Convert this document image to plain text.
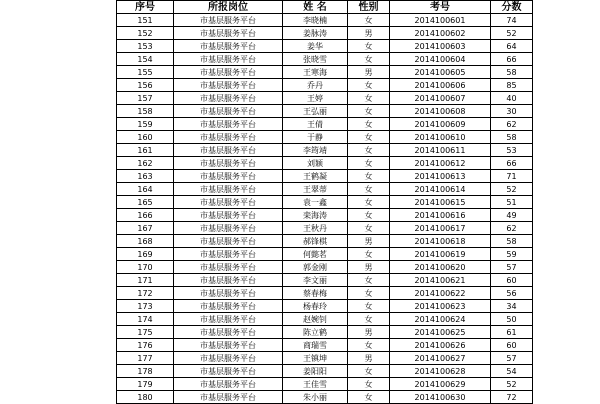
序号	所报岗位	姓 名	性别	考号	分数
151	市基层服务平台	李晓楠	女	2014100601	74
152	市基层服务平台	姜脉涛	男	2014100602	52
153	市基层服务平台	姜华	女	2014100603	64
154	市基层服务平台	张晓雪	女	2014100604	66
155	市基层服务平台	王寒海	男	2014100605	58
156	市基层服务平台	乔丹	女	2014100606	85
157	市基层服务平台	王婷	女	2014100607	40
158	市基层服务平台	王弘丽	女	2014100608	30
159	市基层服务平台	王倩	女	2014100609	62
160	市基层服务平台	于静	女	2014100610	58
161	市基层服务平台	李筠靖	女	2014100611	53
162	市基层服务平台	刘颖	女	2014100612	66
163	市基层服务平台	王鹤凝	女	2014100613	71
164	市基层服务平台	王翠蒂	女	2014100614	52
165	市基层服务平台	袁一鑫	女	2014100615	51
166	市基层服务平台	栾海涛	女	2014100616	49
167	市基层服务平台	王秋丹	女	2014100617	62
168	市基层服务平台	郝锋棋	男	2014100618	58
169	市基层服务平台	何懿茗	女	2014100619	59
170	市基层服务平台	郭金刚	男	2014100620	57
171	市基层服务平台	李文丽	女	2014100621	60
172	市基层服务平台	蔡春梅	女	2014100622	56
173	市基层服务平台	杨春玲	女	2014100623	34
174	市基层服务平台	赵婉钊	女	2014100624	50
175	市基层服务平台	陈立鹤	男	2014100625	61
176	市基层服务平台	商瑞雪	女	2014100626	60
177	市基层服务平台	王镇坤	男	2014100627	57
178	市基层服务平台	姜阳阳	女	2014100628	54
179	市基层服务平台	王佳雪	女	2014100629	52
180	市基层服务平台	朱小丽	女	2014100630	72
